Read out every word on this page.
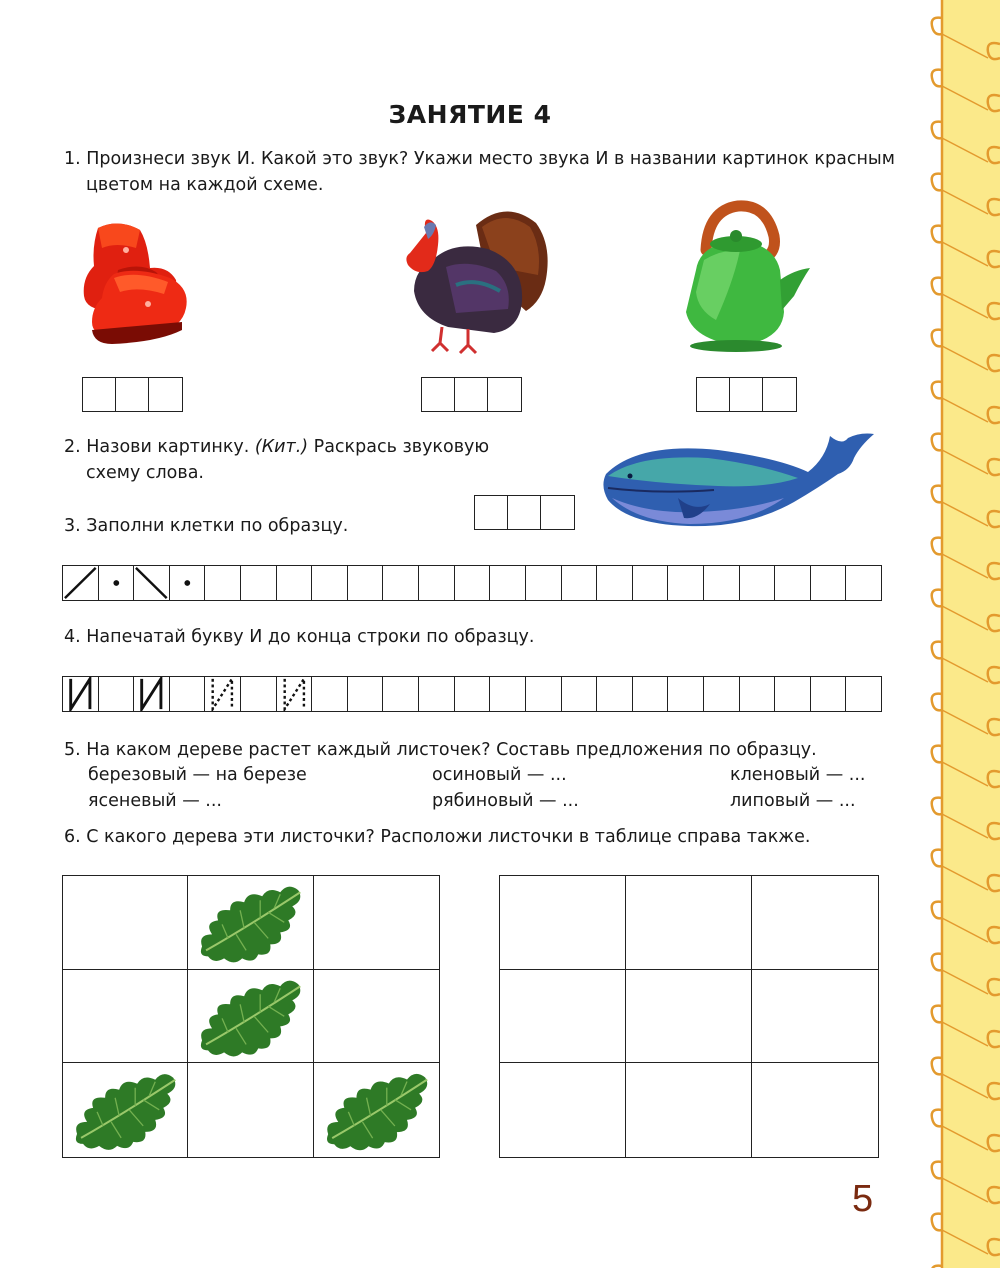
ЗАНЯТИЕ 4
1. Произнеси звук И. Какой это звук? Укажи место звука И в названии картинок красным
цветом на каждой схеме.
2. Назови картинку. (Кит.) Раскрась звуковую
схему слова.
3. Заполни клетки по образцу.
4. Напечатай букву И до конца строки по образцу.
5. На каком дереве растет каждый листочек? Составь предложения по образцу.
березовый — на березе	осиновый — ...	кленовый — ...
ясеневый — ...	рябиновый — ...	липовый — ...
6. С какого дерева эти листочки? Расположи листочки в таблице справа также.
5
